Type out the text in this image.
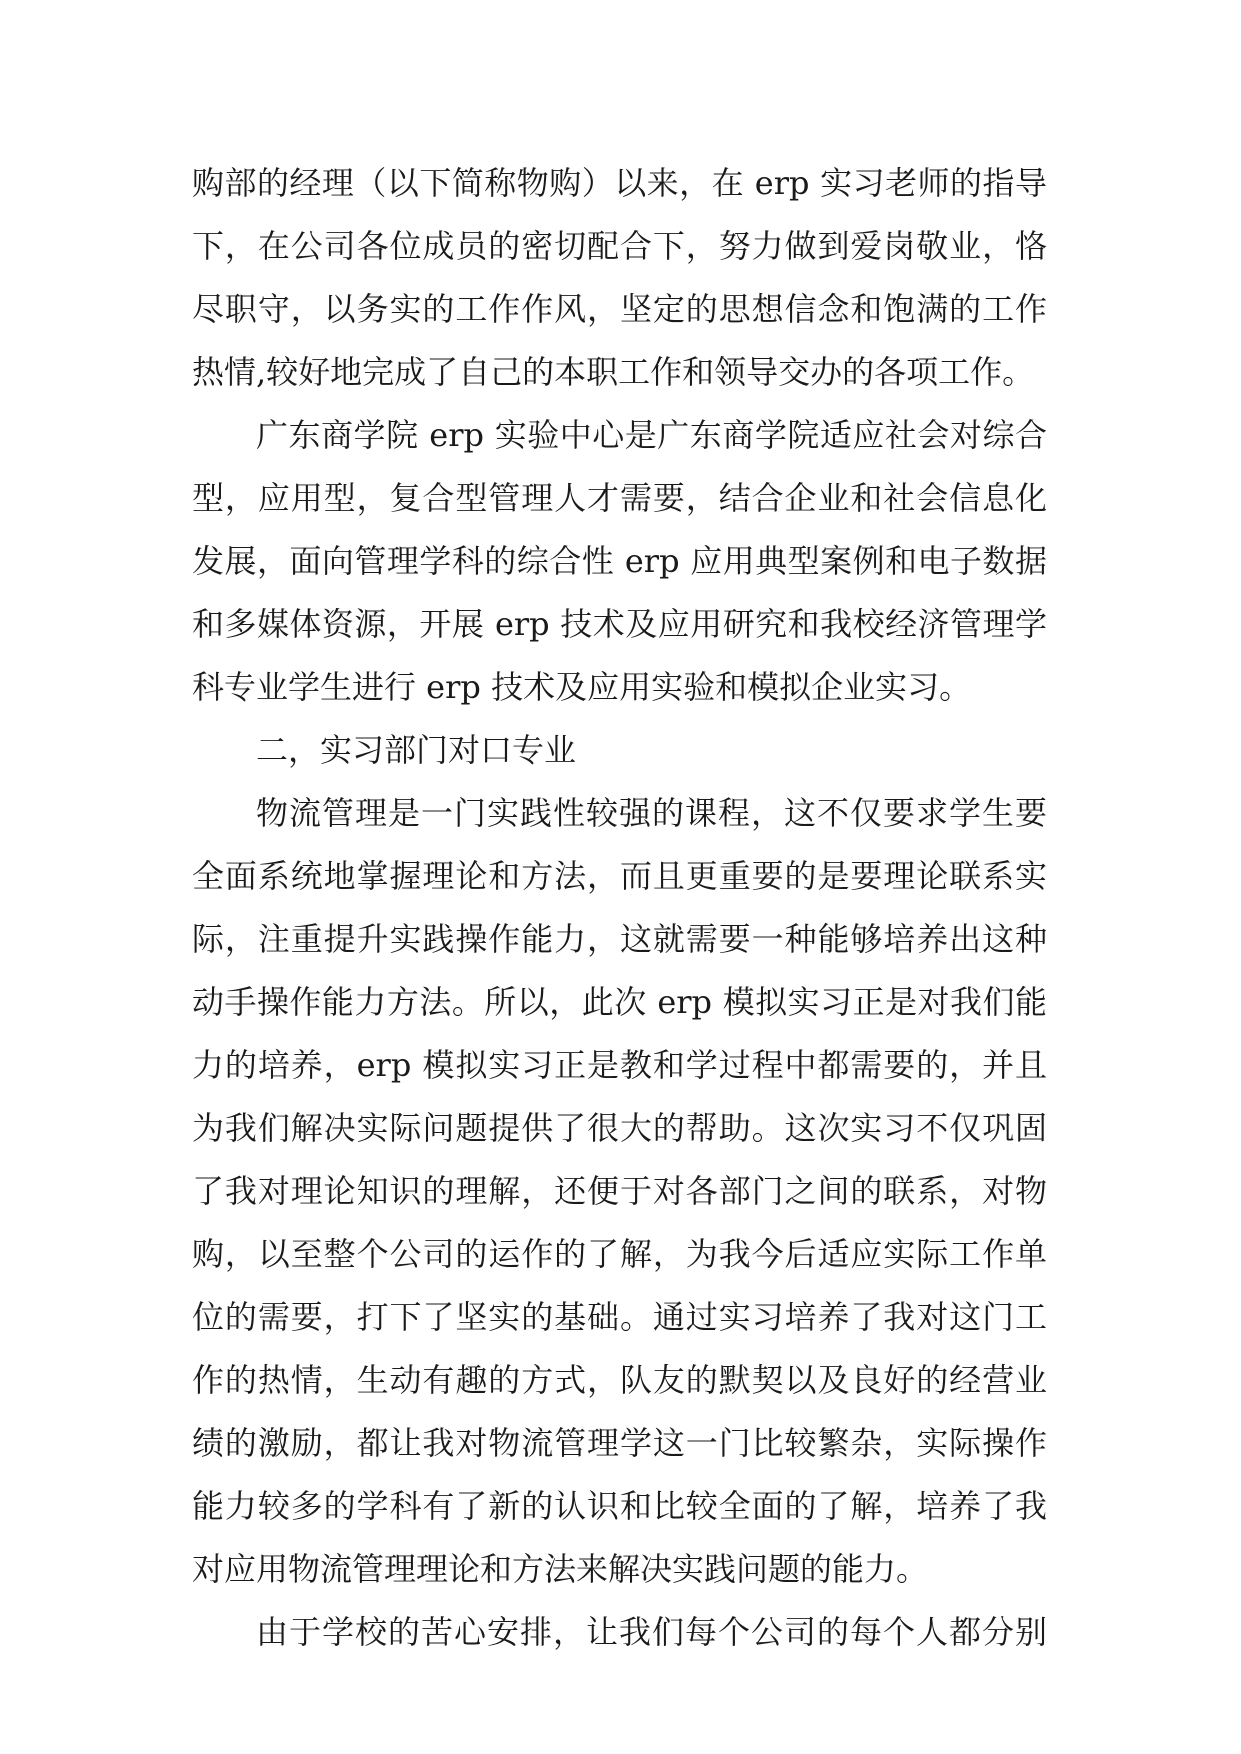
购部的经理（以下简称物购）以来，在 erp 实习老师的指导
下，在公司各位成员的密切配合下，努力做到爱岗敬业，恪
尽职守，以务实的工作作风，坚定的思想信念和饱满的工作
热情,较好地完成了自己的本职工作和领导交办的各项工作。
广东商学院 erp 实验中心是广东商学院适应社会对综合
型，应用型，复合型管理人才需要，结合企业和社会信息化
发展，面向管理学科的综合性 erp 应用典型案例和电子数据
和多媒体资源，开展 erp 技术及应用研究和我校经济管理学
科专业学生进行 erp 技术及应用实验和模拟企业实习。
二，实习部门对口专业
物流管理是一门实践性较强的课程，这不仅要求学生要
全面系统地掌握理论和方法，而且更重要的是要理论联系实
际，注重提升实践操作能力，这就需要一种能够培养出这种
动手操作能力方法。所以，此次 erp 模拟实习正是对我们能
力的培养，erp 模拟实习正是教和学过程中都需要的，并且
为我们解决实际问题提供了很大的帮助。这次实习不仅巩固
了我对理论知识的理解，还便于对各部门之间的联系，对物
购，以至整个公司的运作的了解，为我今后适应实际工作单
位的需要，打下了坚实的基础。通过实习培养了我对这门工
作的热情，生动有趣的方式，队友的默契以及良好的经营业
绩的激励，都让我对物流管理学这一门比较繁杂，实际操作
能力较多的学科有了新的认识和比较全面的了解，培养了我
对应用物流管理理论和方法来解决实践问题的能力。
由于学校的苦心安排，让我们每个公司的每个人都分别
